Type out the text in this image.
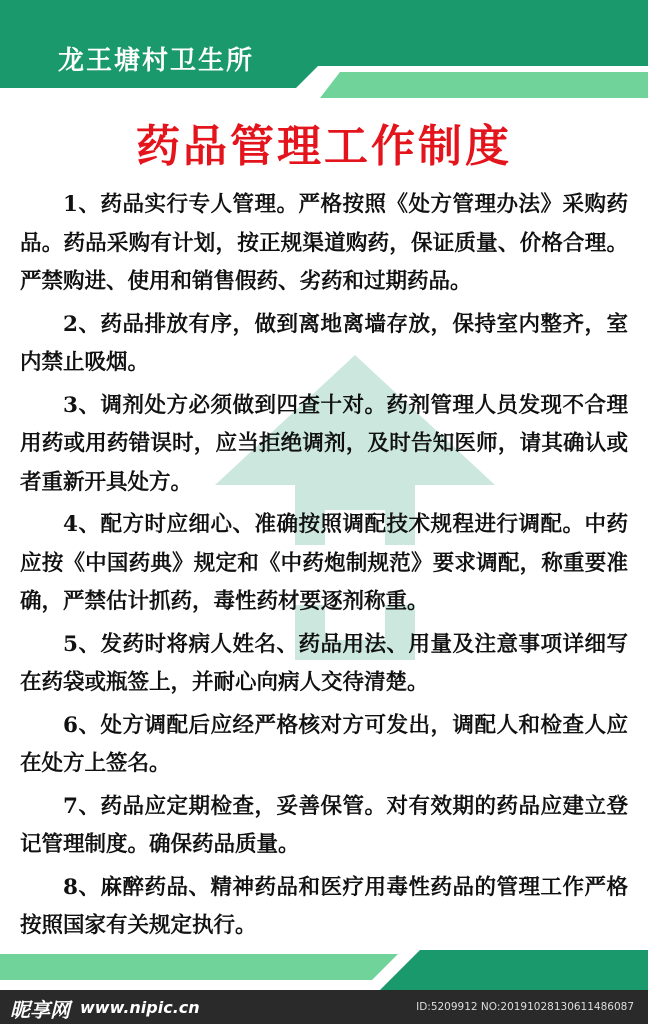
龙王塘村卫生所
药品管理工作制度

1、药品实行专人管理。严格按照《处方管理办法》采购药品。药品采购有计划，按正规渠道购药，保证质量、价格合理。严禁购进、使用和销售假药、劣药和过期药品。

2、药品排放有序，做到离地离墙存放，保持室内整齐，室内禁止吸烟。

3、调剂处方必须做到四查十对。药剂管理人员发现不合理用药或用药错误时，应当拒绝调剂，及时告知医师，请其确认或者重新开具处方。

4、配方时应细心、准确按照调配技术规程进行调配。中药应按《中国药典》规定和《中药炮制规范》要求调配，称重要准确，严禁估计抓药，毒性药材要逐剂称重。

5、发药时将病人姓名、药品用法、用量及注意事项详细写在药袋或瓶签上，并耐心向病人交待清楚。

6、处方调配后应经严格核对方可发出，调配人和检查人应在处方上签名。

7、药品应定期检查，妥善保管。对有效期的药品应建立登记管理制度。确保药品质量。

8、麻醉药品、精神药品和医疗用毒性药品的管理工作严格按照国家有关规定执行。

昵享网 www.nipic.cn	ID:5209912 NO:20191028130611486087
